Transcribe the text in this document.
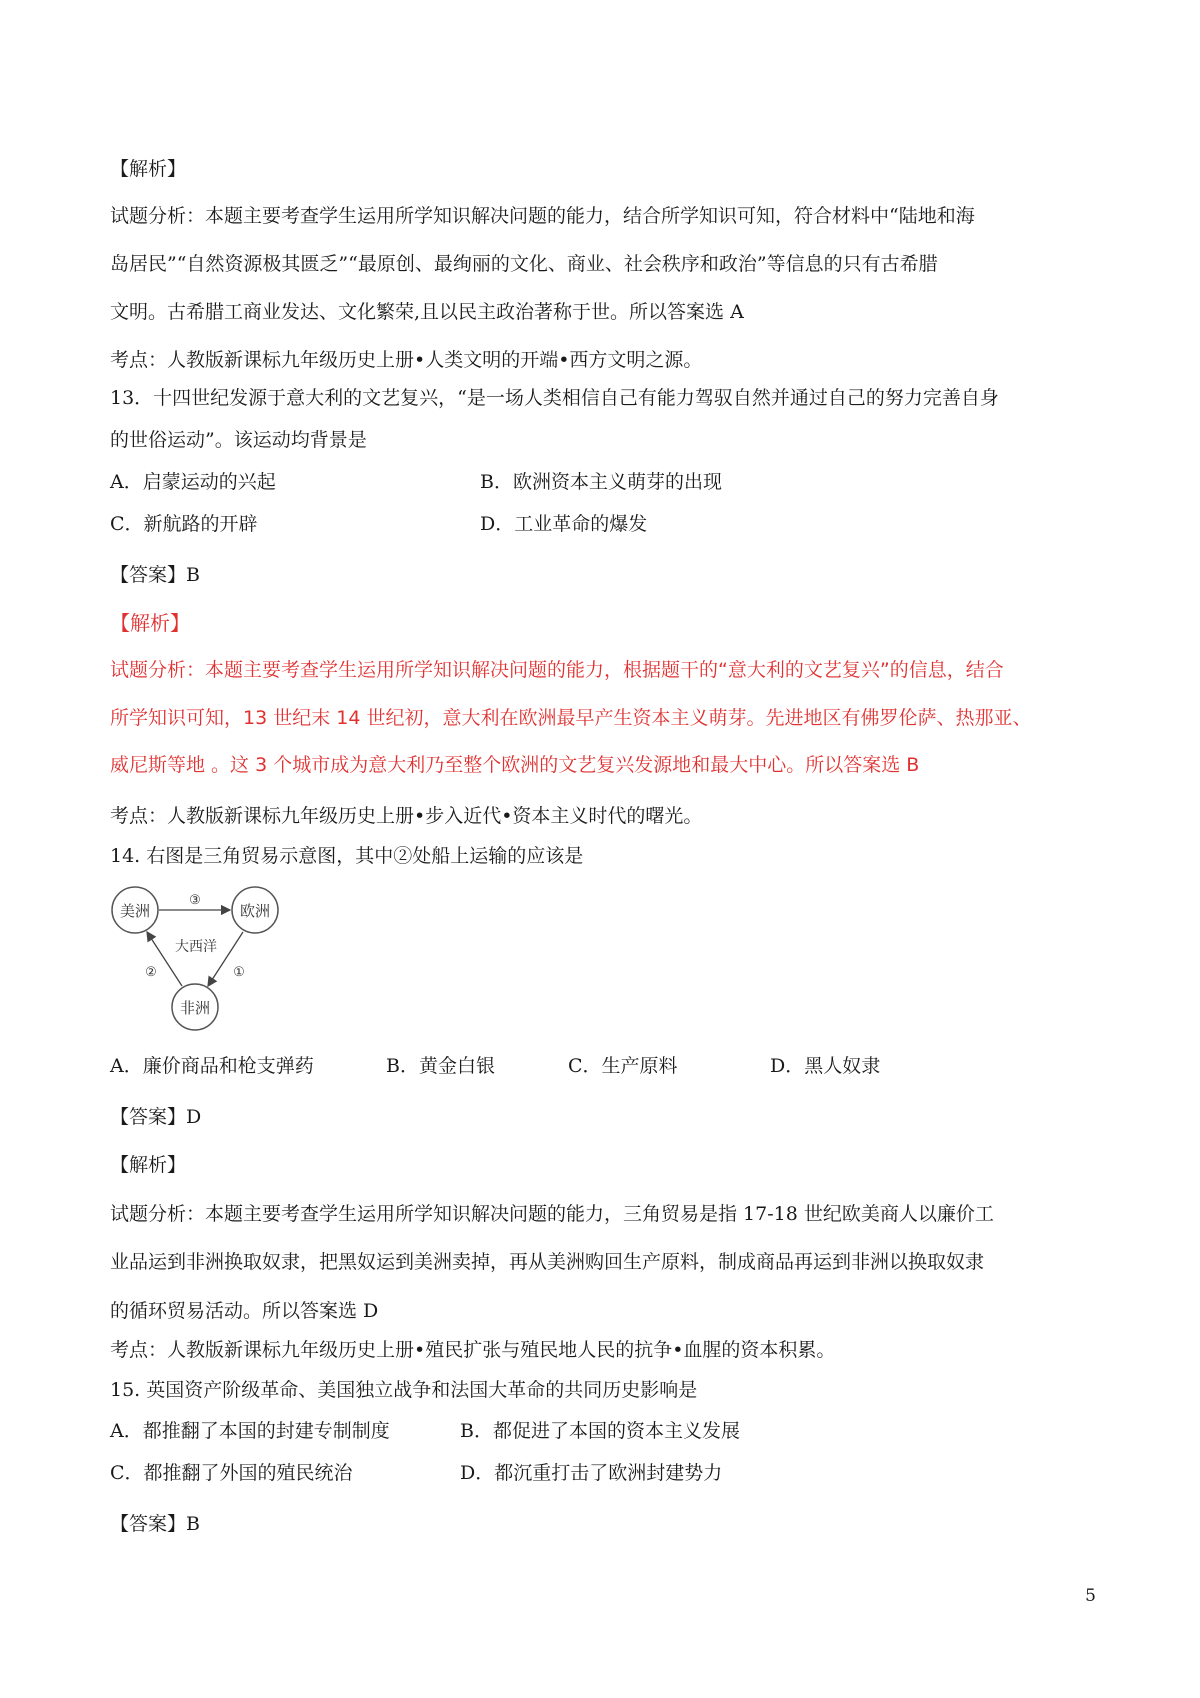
【解析】
试题分析：本题主要考查学生运用所学知识解决问题的能力，结合所学知识可知，符合材料中“陆地和海
岛居民”“自然资源极其匮乏”“最原创、最绚丽的文化、商业、社会秩序和政治”等信息的只有古希腊
文明。古希腊工商业发达、文化繁荣,且以民主政治著称于世。所以答案选 A
考点：人教版新课标九年级历史上册•人类文明的开端•西方文明之源。
13．十四世纪发源于意大利的文艺复兴，“是一场人类相信自己有能力驾驭自然并通过自己的努力完善自身
的世俗运动”。该运动均背景是
A．启蒙运动的兴起	B．欧洲资本主义萌芽的出现
C．新航路的开辟	D．工业革命的爆发
【答案】B
【解析】
试题分析：本题主要考查学生运用所学知识解决问题的能力，根据题干的“意大利的文艺复兴”的信息，结合
所学知识可知，13 世纪末 14 世纪初，意大利在欧洲最早产生资本主义萌芽。先进地区有佛罗伦萨、热那亚、
威尼斯等地 。这 3 个城市成为意大利乃至整个欧洲的文艺复兴发源地和最大中心。所以答案选 B
考点：人教版新课标九年级历史上册•步入近代•资本主义时代的曙光。
14. 右图是三角贸易示意图，其中②处船上运输的应该是
美洲	欧洲
非洲
大西洋
③
②	①
A．廉价商品和枪支弹药	B．黄金白银	C．生产原料	D．黑人奴隶
【答案】D
【解析】
试题分析：本题主要考查学生运用所学知识解决问题的能力，三角贸易是指 17-18 世纪欧美商人以廉价工
业品运到非洲换取奴隶，把黑奴运到美洲卖掉，再从美洲购回生产原料，制成商品再运到非洲以换取奴隶
的循环贸易活动。所以答案选 D
考点：人教版新课标九年级历史上册•殖民扩张与殖民地人民的抗争•血腥的资本积累。
15. 英国资产阶级革命、美国独立战争和法国大革命的共同历史影响是
A．都推翻了本国的封建专制制度	B．都促进了本国的资本主义发展
C．都推翻了外国的殖民统治	D．都沉重打击了欧洲封建势力
【答案】B
5
